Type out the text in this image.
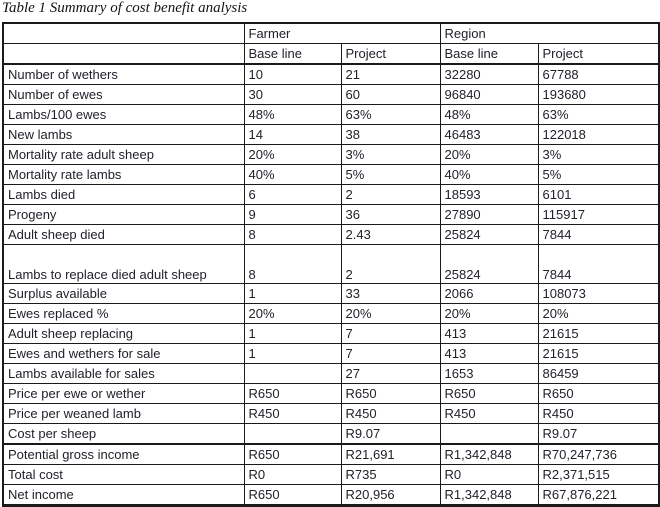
Table 1 Summary of cost benefit analysis
	Farmer		Region	
	Base line	Project	Base line	Project
Number of wethers	10	21	32280	67788
Number of ewes	30	60	96840	193680
Lambs/100 ewes	48%	63%	48%	63%
New lambs	14	38	46483	122018
Mortality rate adult sheep	20%	3%	20%	3%
Mortality rate lambs	40%	5%	40%	5%
Lambs died	6	2	18593	6101
Progeny	9	36	27890	115917
Adult sheep died	8	2.43	25824	7844
Lambs to replace died adult sheep	8	2	25824	7844
Surplus available	1	33	2066	108073
Ewes replaced %	20%	20%	20%	20%
Adult sheep replacing	1	7	413	21615
Ewes and wethers for sale	1	7	413	21615
Lambs available for sales		27	1653	86459
Price per ewe or wether	R650	R650	R650	R650
Price per weaned lamb	R450	R450	R450	R450
Cost per sheep		R9.07		R9.07
Potential gross income	R650	R21,691	R1,342,848	R70,247,736
Total cost	R0	R735	R0	R2,371,515
Net income	R650	R20,956	R1,342,848	R67,876,221
